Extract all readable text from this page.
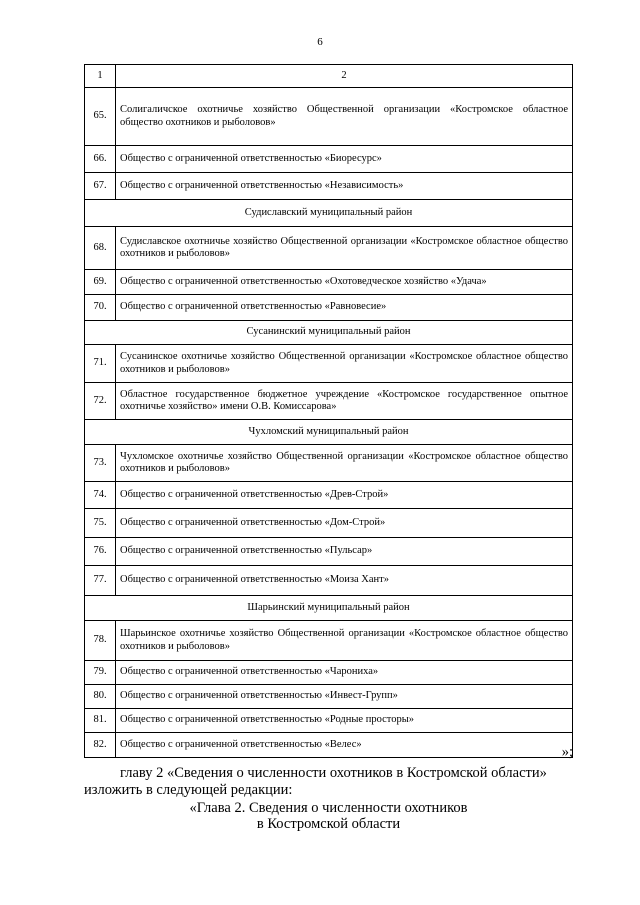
6
1	2
65.	Солигаличское охотничье хозяйство Общественной организации «Костромское областное общество охотников и рыболовов»
66.	Общество с ограниченной ответственностью «Биоресурс»
67.	Общество с ограниченной ответственностью «Независимость»
Судиславский муниципальный район	
68.	Судиславское охотничье хозяйство Общественной организации «Костромское областное общество охотников и рыболовов»
69.	Общество с ограниченной ответственностью «Охотоведческое хозяйство «Удача»
70.	Общество с ограниченной ответственностью «Равновесие»
Сусанинский муниципальный район	
71.	Сусанинское охотничье хозяйство Общественной организации «Костромское областное общество охотников и рыболовов»
72.	Областное государственное бюджетное учреждение «Костромское государственное опытное охотничье хозяйство» имени О.В. Комиссарова»
Чухломский муниципальный район	
73.	Чухломское охотничье хозяйство Общественной организации «Костромское областное общество охотников и рыболовов»
74.	Общество с ограниченной ответственностью «Древ-Строй»
75.	Общество с ограниченной ответственностью «Дом-Строй»
76.	Общество с ограниченной ответственностью «Пульсар»
77.	Общество с ограниченной ответственностью «Моиза Хант»
Шарьинский муниципальный район	
78.	Шарьинское охотничье хозяйство Общественной организации «Костромское областное общество охотников и рыболовов»
79.	Общество с ограниченной ответственностью «Чарониха»
80.	Общество с ограниченной ответственностью «Инвест-Групп»
81.	Общество с ограниченной ответственностью «Родные просторы»
82.	Общество с ограниченной ответственностью «Велес»	»;
главу 2 «Сведения о численности охотников в Костромской области»
изложить в следующей редакции:
«Глава 2. Сведения о численности охотников
в Костромской области
